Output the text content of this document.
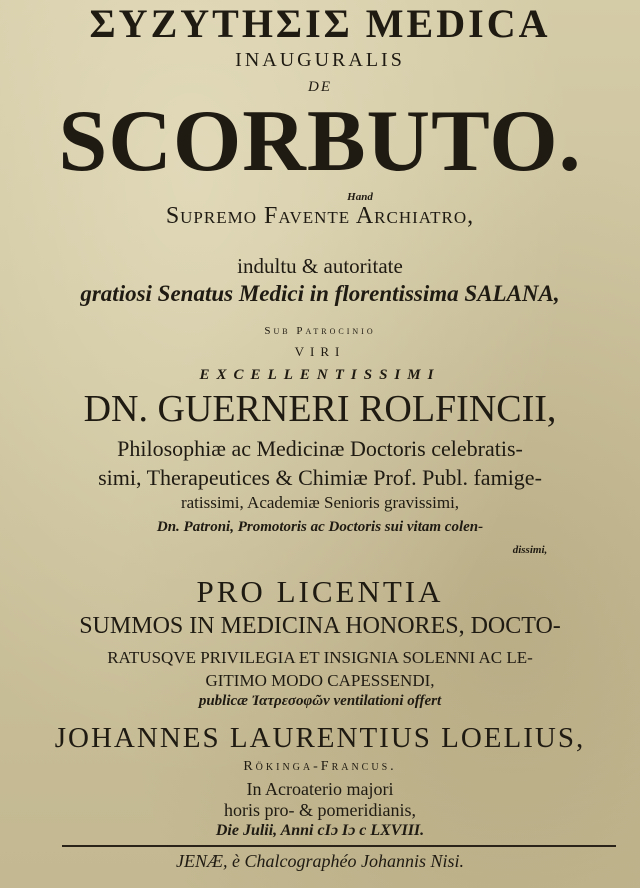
ΣΥΖΥΤΗΣΙΣ MEDICA
INAUGURALIS
DE
SCORBUTO.
Hand
Supremo Favente Archiatro,
indultu & autoritate
gratiosi Senatus Medici in florentissima SALANA,
Sub Patrocinio
VIRI
EXCELLENTISSIMI
DN. GUERNERI ROLFINCII,
Philosophiæ ac Medicinæ Doctoris celebratis-
simi, Therapeutices & Chimiæ Prof. Publ. famige-
ratissimi, Academiæ Senioris gravissimi,
Dn. Patroni, Promotoris ac Doctoris sui vitam colen-
dissimi,
PRO LICENTIA
SUMMOS IN MEDICINA HONORES, DOCTO-
RATUSQVE PRIVILEGIA ET INSIGNIA SOLENNI AC LE-
GITIMO MODO CAPESSENDI,
publicæ Ἰατρεσοφῶν ventilationi offert
JOHANNES LAURENTIUS LOELIUS,
Rökinga-Francus.
In Acroaterio majori
horis pro- & pomeridianis,
Die Julii, Anni cIɔ Iɔ c LXVIII.
JENÆ, è Chalcographéo Johannis Nisi.
